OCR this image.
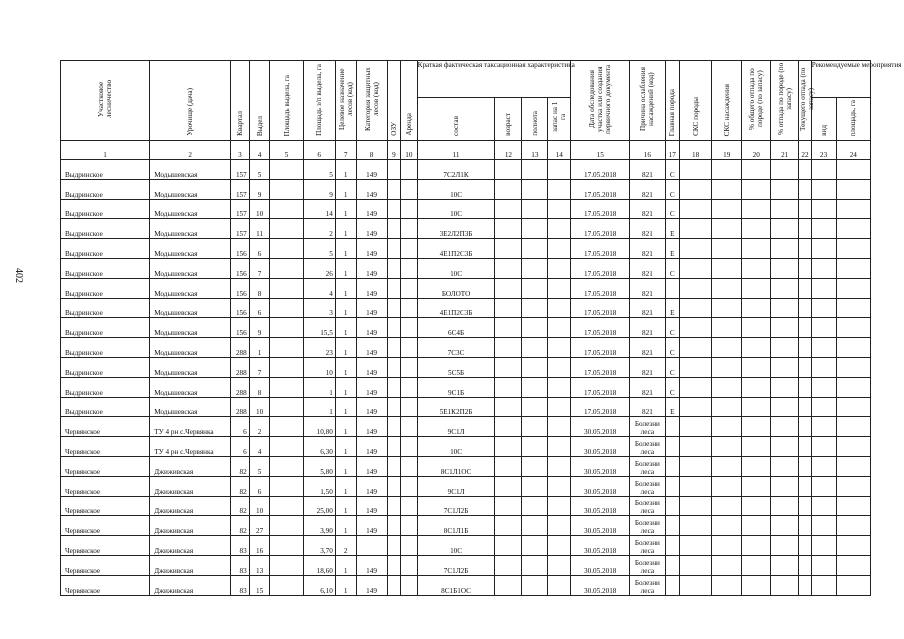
402
Участковое лесничество	Урочище (дача)	Квартал	Выдел	Площадь выдела, га	Площадь з/п выдела, га	Целевое назначение лесов (код)	Категория защитных лесов (код)	ОЗУ	Аренда	Краткая фактическая таксационная характеристика				Дата обследования участка или создания первичного документа	Причина ослабления насаждений (код)	Главная порода	СКС породы	СКС насаждения	% общего отпада по породе (по запасу)	% отпада по породе (по запасу)	Текущего отпада (по запасу)	Рекомендуемые мероприятия	
										состав	возраст	полнота	запас на 1 га									вид	площадь, га
1	2	3	4	5	6	7	8	9	10	11	12	13	14	15	16	17	18	19	20	21	22	23	24
Выдринское	Модышевская	157	5		5	1	149			7С2Л1К				17.05.2018	821	С							
Выдринское	Модышевская	157	9		9	1	149			10С				17.05.2018	821	С							
Выдринское	Модышевская	157	10		14	1	149			10С				17.05.2018	821	С							
Выдринское	Модышевская	157	11		2	1	149			3Е2Л2П3Б				17.05.2018	821	Е							
Выдринское	Модышевская	156	6		5	1	149			4Е1П2С3Б				17.05.2018	821	Е							
Выдринское	Модышевская	156	7		26	1	149			10С				17.05.2018	821	С							
Выдринское	Модышевская	156	8		4	1	149			БОЛОТО				17.05.2018	821								
Выдринское	Модышевская	156	6		3	1	149			4Е1П2С3Б				17.05.2018	821	Е							
Выдринское	Модышевская	156	9		15,5	1	149			6С4Б				17.05.2018	821	С							
Выдринское	Модышевская	288	1		23	1	149			7С3С				17.05.2018	821	С							
Выдринское	Модышевская	288	7		10	1	149			5С5Б				17.05.2018	821	С							
Выдринское	Модышевская	288	8		1	1	149			9С1Б				17.05.2018	821	С							
Выдринское	Модышевская	288	10		1	1	149			5Е1К2П2Б				17.05.2018	821	Е							
Червянское	ТУ 4 рн с.Червянка	6	2		10,80	1	149			9С1Л				30.05.2018	Болезни леса								
Червянское	ТУ 4 рн с.Червянка	6	4		6,30	1	149			10С				30.05.2018	Болезни леса								
Червянское	Джиживская	82	5		5,80	1	149			8С1Л1ОС				30.05.2018	Болезни леса								
Червянское	Джиживская	82	6		1,50	1	149			9С1Л				30.05.2018	Болезни леса								
Червянское	Джиживская	82	10		25,00	1	149			7С1Л2Б				30.05.2018	Болезни леса								
Червянское	Джиживская	82	27		3,90	1	149			8С1Л1Б				30.05.2018	Болезни леса								
Червянское	Джиживская	83	16		3,70	2				10С				30.05.2018	Болезни леса								
Червянское	Джиживская	83	13		18,60	1	149			7С1Л2Б				30.05.2018	Болезни леса								
Червянское	Джиживская	83	15		6,10	1	149			8С1Б1ОС				30.05.2018	Болезни леса								
